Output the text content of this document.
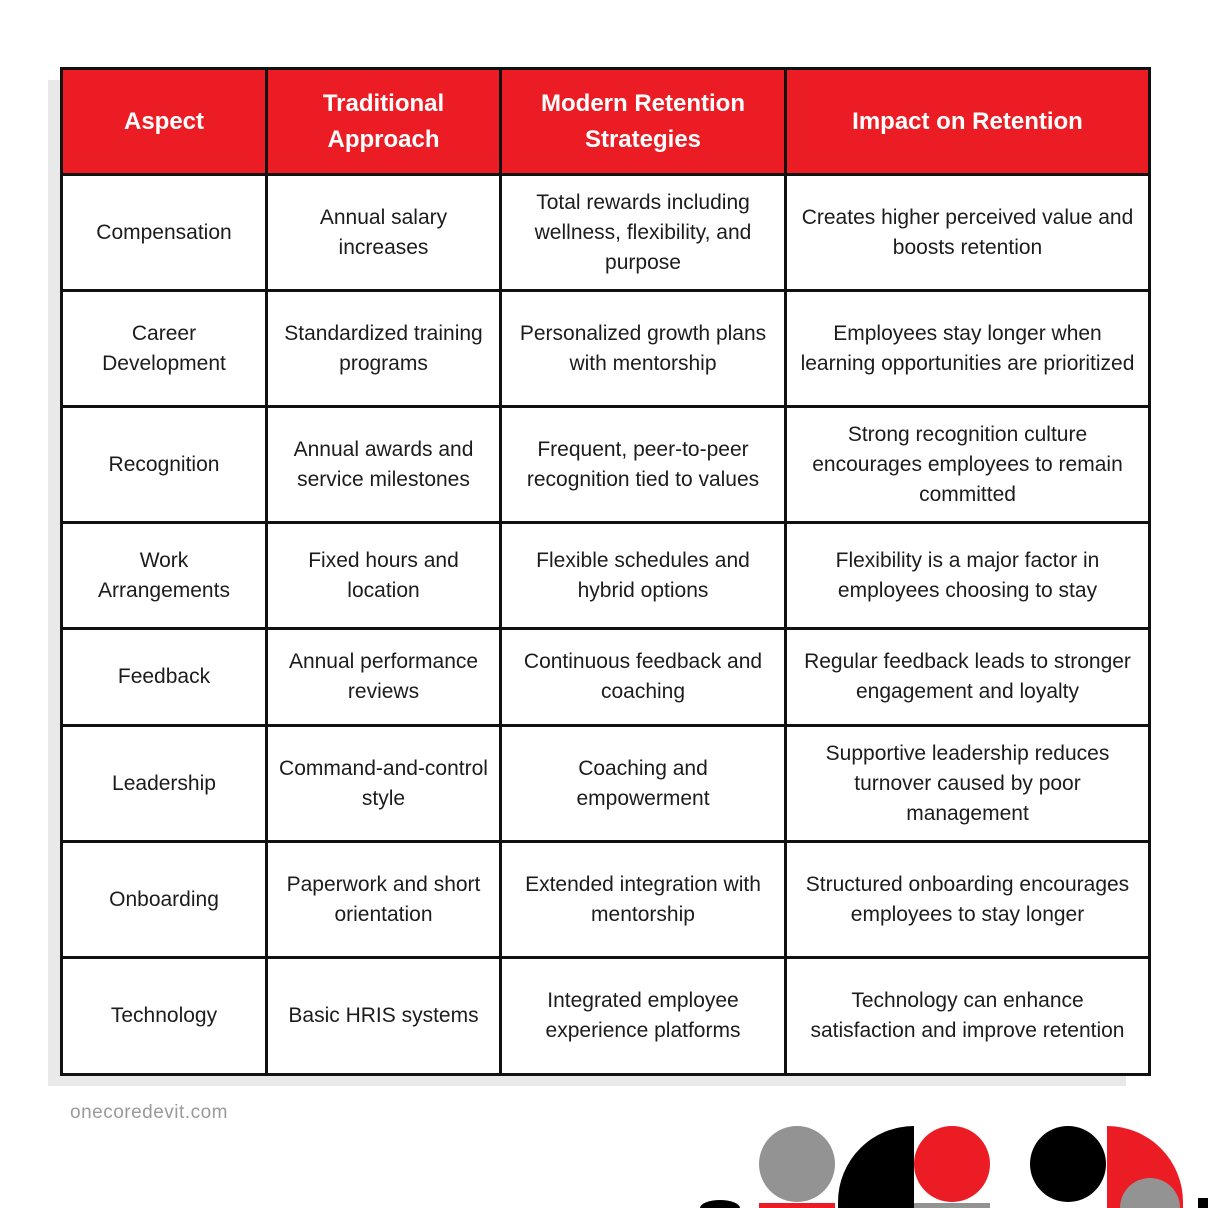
Aspect	Traditional Approach	Modern Retention Strategies	Impact on Retention
Compensation	Annual salary increases	Total rewards including wellness, flexibility, and purpose	Creates higher perceived value and boosts retention
Career Development	Standardized training programs	Personalized growth plans with mentorship	Employees stay longer when learning opportunities are prioritized
Recognition	Annual awards and service milestones	Frequent, peer-to-peer recognition tied to values	Strong recognition culture encourages employees to remain committed
Work Arrangements	Fixed hours and location	Flexible schedules and hybrid options	Flexibility is a major factor in employees choosing to stay
Feedback	Annual performance reviews	Continuous feedback and coaching	Regular feedback leads to stronger engagement and loyalty
Leadership	Command-and-control style	Coaching and empowerment	Supportive leadership reduces turnover caused by poor management
Onboarding	Paperwork and short orientation	Extended integration with mentorship	Structured onboarding encourages employees to stay longer
Technology	Basic HRIS systems	Integrated employee experience platforms	Technology can enhance satisfaction and improve retention
onecoredevit.com
